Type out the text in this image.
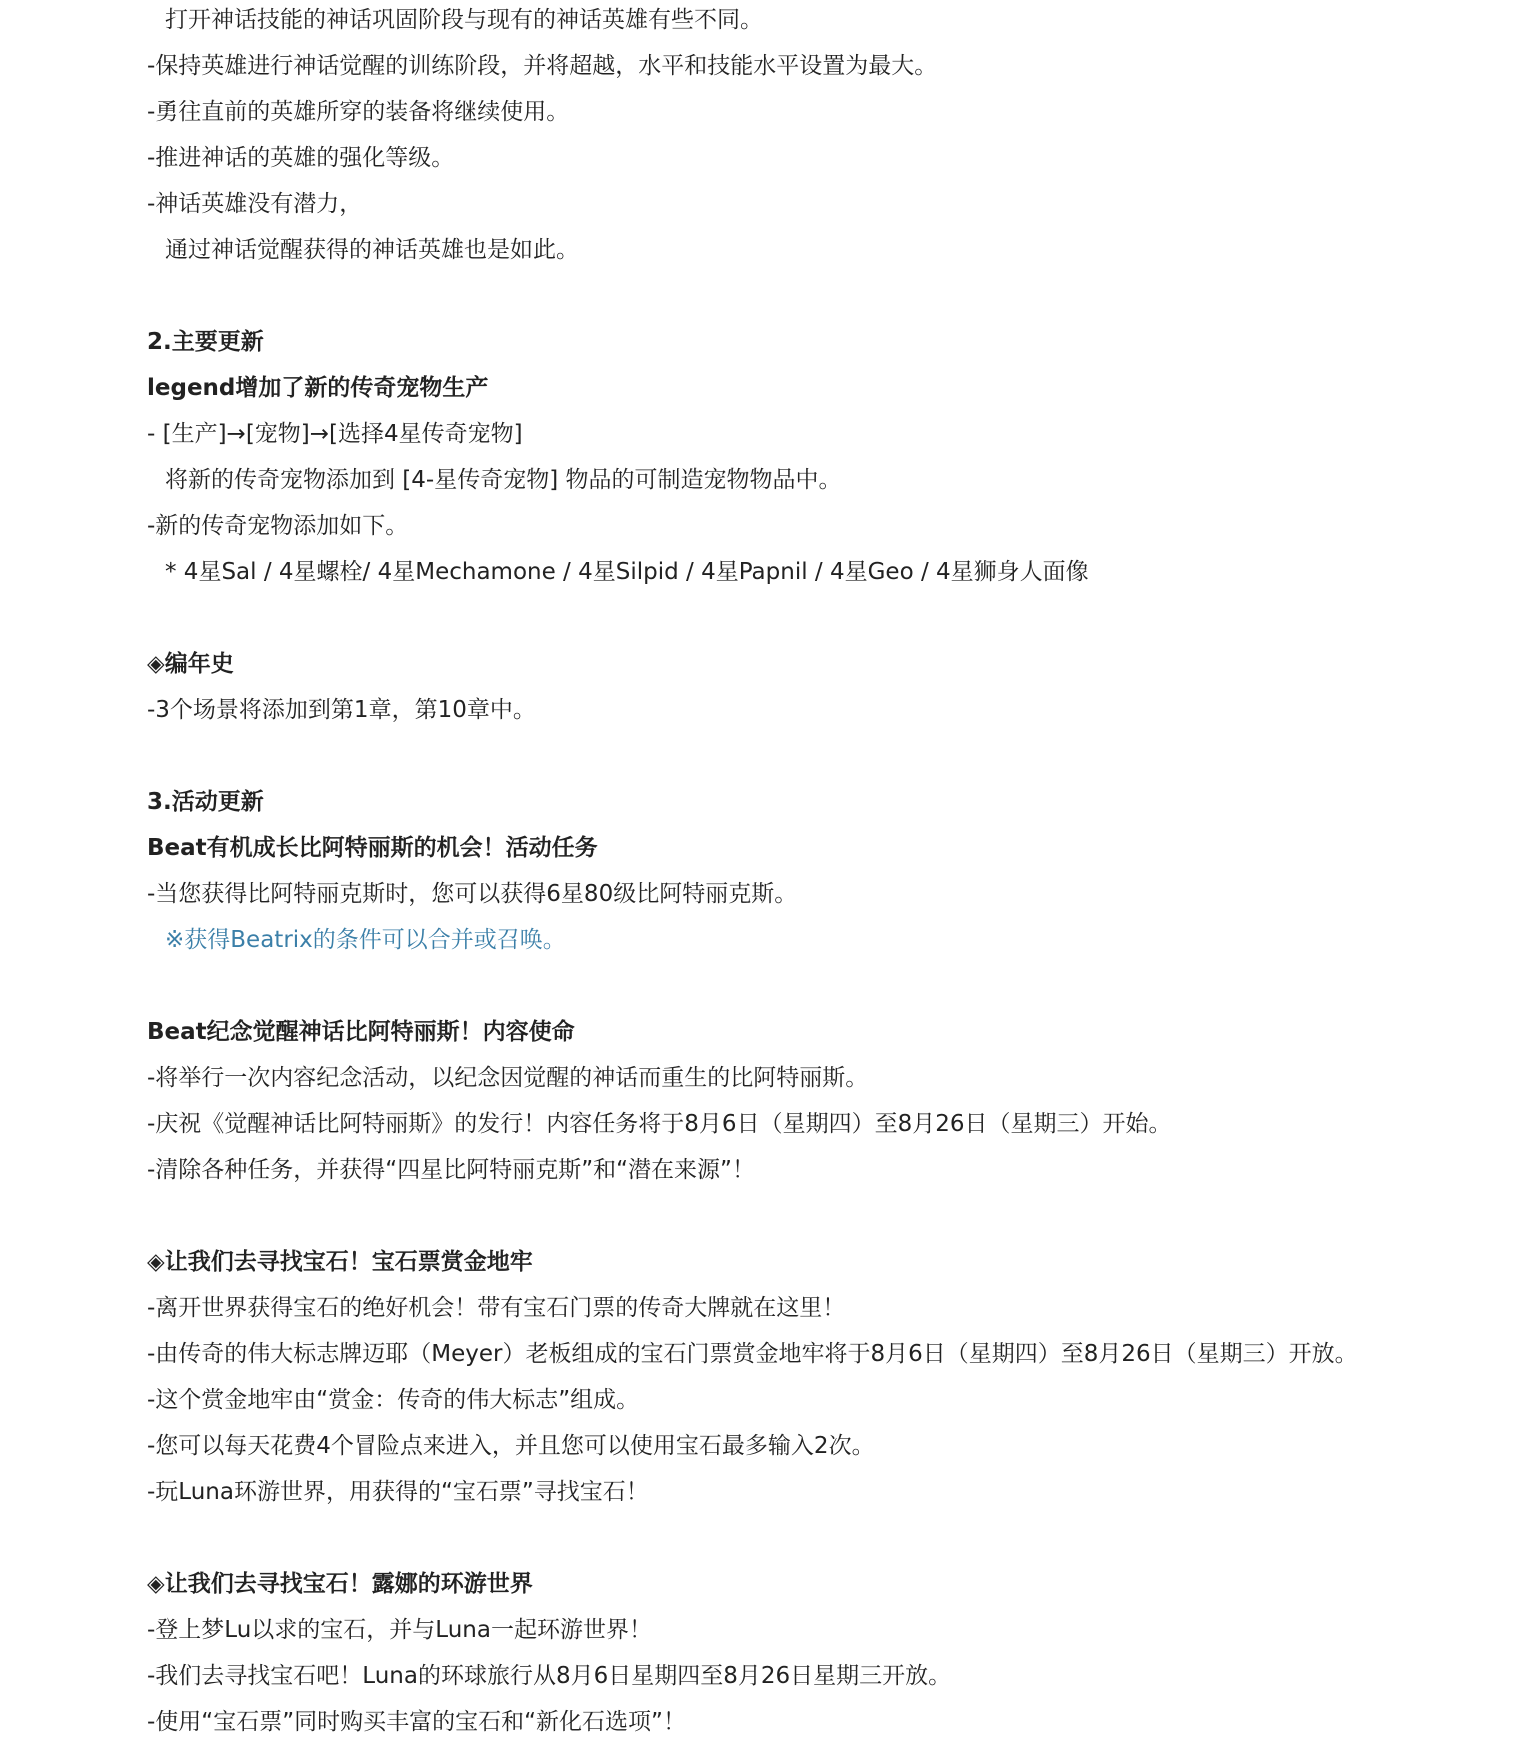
打开神话技能的神话巩固阶段与现有的神话英雄有些不同。
-保持英雄进行神话觉醒的训练阶段，并将超越，水平和技能水平设置为最大。
-勇往直前的英雄所穿的装备将继续使用。
-推进神话的英雄的强化等级。
-神话英雄没有潜力，
通过神话觉醒获得的神话英雄也是如此。
2.主要更新
legend增加了新的传奇宠物生产
- [生产]→[宠物]→[选择4星传奇宠物]
将新的传奇宠物添加到 [4-星传奇宠物] 物品的可制造宠物物品中。
-新的传奇宠物添加如下。
* 4星Sal / 4星螺栓/ 4星Mechamone / 4星Silpid / 4星Papnil / 4星Geo / 4星狮身人面像
◈编年史
-3个场景将添加到第1章，第10章中。
3.活动更新
Beat有机成长比阿特丽斯的机会！活动任务
-当您获得比阿特丽克斯时，您可以获得6星80级比阿特丽克斯。
※获得Beatrix的条件可以合并或召唤。
Beat纪念觉醒神话比阿特丽斯！内容使命
-将举行一次内容纪念活动，以纪念因觉醒的神话而重生的比阿特丽斯。
-庆祝《觉醒神话比阿特丽斯》的发行！内容任务将于8月6日（星期四）至8月26日（星期三）开始。
-清除各种任务，并获得“四星比阿特丽克斯”和“潜在来源”！
◈让我们去寻找宝石！宝石票赏金地牢
-离开世界获得宝石的绝好机会！带有宝石门票的传奇大牌就在这里！
-由传奇的伟大标志牌迈耶（Meyer）老板组成的宝石门票赏金地牢将于8月6日（星期四）至8月26日（星期三）开放。
-这个赏金地牢由“赏金：传奇的伟大标志”组成。
-您可以每天花费4个冒险点来进入，并且您可以使用宝石最多输入2次。
-玩Luna环游世界，用获得的“宝石票”寻找宝石！
◈让我们去寻找宝石！露娜的环游世界
-登上梦Lu以求的宝石，并与Luna一起环游世界！
-我们去寻找宝石吧！Luna的环球旅行从8月6日星期四至8月26日星期三开放。
-使用“宝石票”同时购买丰富的宝石和“新化石选项”！
